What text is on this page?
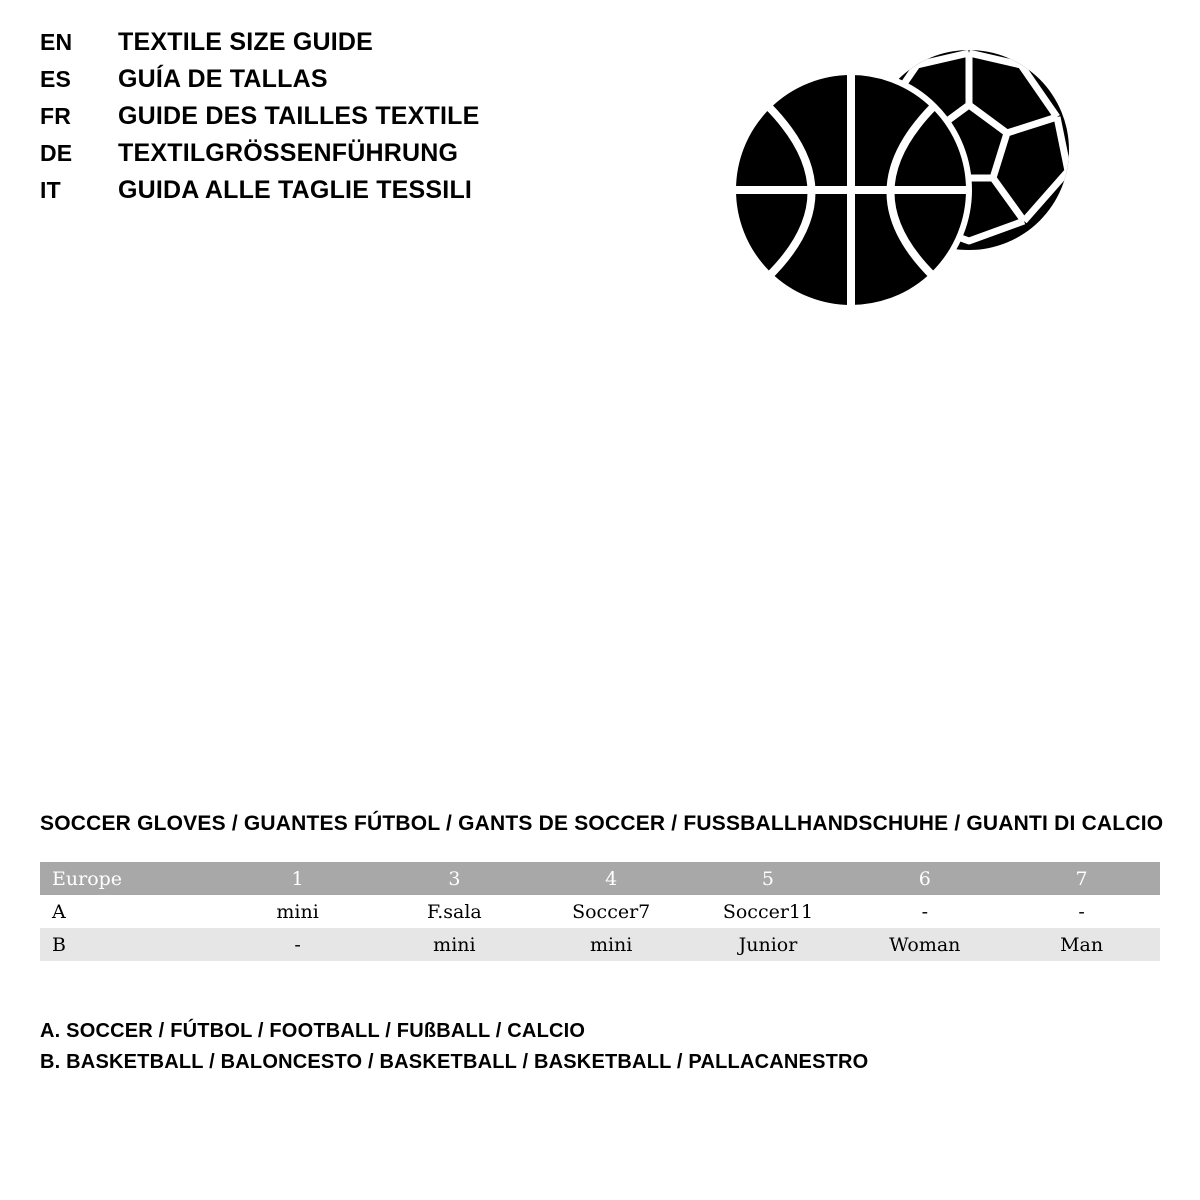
EN	TEXTILE SIZE GUIDE
ES	GUÍA DE TALLAS
FR	GUIDE DES TAILLES TEXTILE
DE	TEXTILGRÖSSENFÜHRUNG
IT	GUIDA ALLE TAGLIE TESSILI
SOCCER GLOVES / GUANTES FÚTBOL / GANTS DE SOCCER / FUSSBALLHANDSCHUHE / GUANTI DI CALCIO
Europe	1	3	4	5	6	7
A	mini	F.sala	Soccer7	Soccer11	-	-
B	-	mini	mini	Junior	Woman	Man
A. SOCCER / FÚTBOL / FOOTBALL / FUßBALL / CALCIO
B. BASKETBALL / BALONCESTO / BASKETBALL / BASKETBALL / PALLACANESTRO
